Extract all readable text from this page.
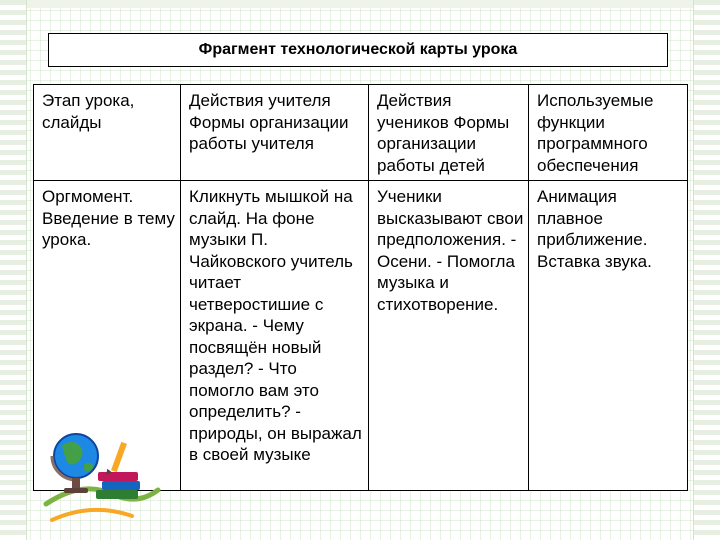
Фрагмент технологической карты урока
Этап урока, слайды	Действия учителя Формы организации работы учителя	Действия учеников Формы организации работы детей	Используемые функции программного обеспечения
Оргмомент. Введение в тему урока.	Кликнуть мышкой на слайд. На фоне музыки П. Чайковского учитель читает четверостишие с экрана. - Чему посвящён новый раздел? - Что помогло вам это определить? - природы, он выражал в своей музыке	Ученики высказывают свои предположения. - Осени. - Помогла музыка и стихотворение.	Анимация плавное приближение. Вставка звука.
